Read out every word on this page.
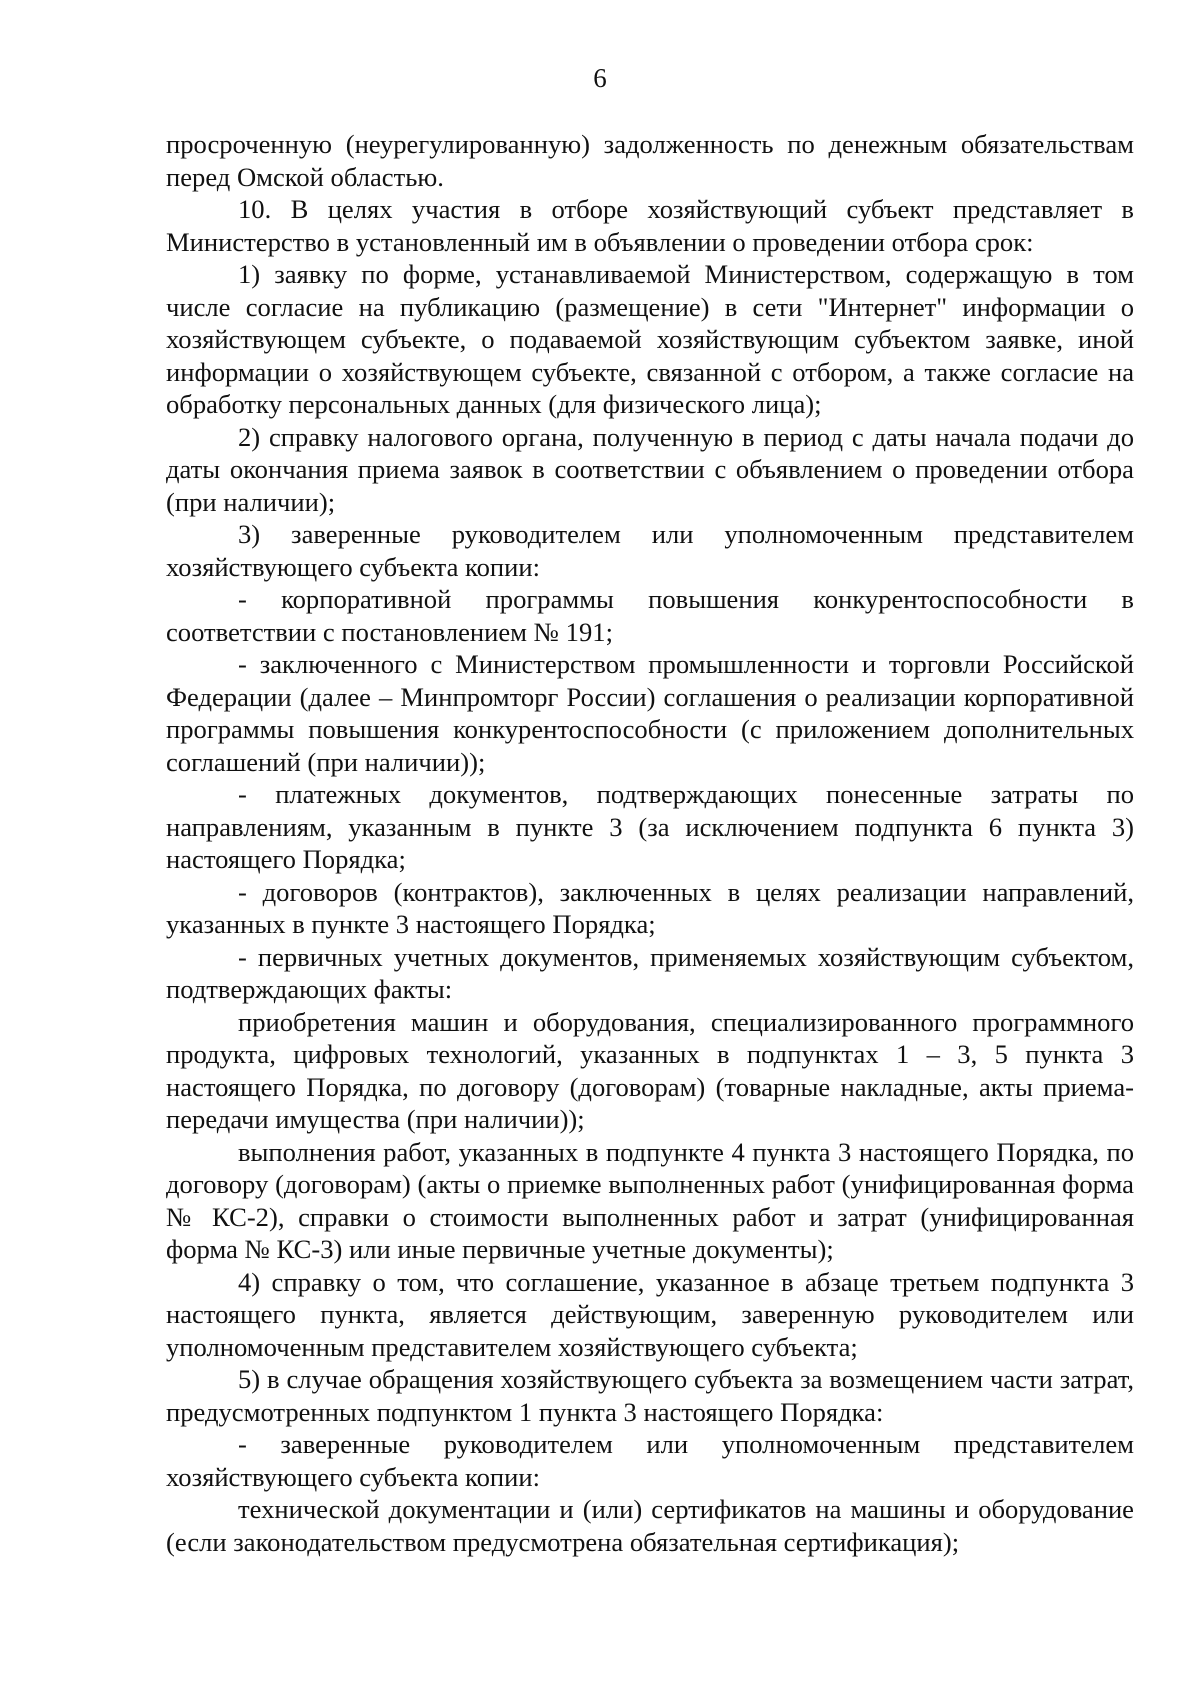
6

просроченную (неурегулированную) задолженность по денежным обязательствам перед Омской областью.

10. В целях участия в отборе хозяйствующий субъект представляет в Министерство в установленный им в объявлении о проведении отбора срок:

1) заявку по форме, устанавливаемой Министерством, содержащую в том числе согласие на публикацию (размещение) в сети "Интернет" информации о хозяйствующем субъекте, о подаваемой хозяйствующим субъектом заявке, иной информации о хозяйствующем субъекте, связанной с отбором, а также согласие на обработку персональных данных (для физического лица);

2) справку налогового органа, полученную в период с даты начала подачи до даты окончания приема заявок в соответствии с объявлением о проведении отбора (при наличии);

3) заверенные руководителем или уполномоченным представителем хозяйствующего субъекта копии:

- корпоративной программы повышения конкурентоспособности в соответствии с постановлением № 191;

- заключенного с Министерством промышленности и торговли Российской Федерации (далее – Минпромторг России) соглашения о реализации корпоративной программы повышения конкурентоспособности (с приложением дополнительных соглашений (при наличии));

- платежных документов, подтверждающих понесенные затраты по направлениям, указанным в пункте 3 (за исключением подпункта 6 пункта 3) настоящего Порядка;

- договоров (контрактов), заключенных в целях реализации направлений, указанных в пункте 3 настоящего Порядка;

- первичных учетных документов, применяемых хозяйствующим субъектом, подтверждающих факты:

приобретения машин и оборудования, специализированного программного продукта, цифровых технологий, указанных в подпунктах 1 – 3, 5 пункта 3 настоящего Порядка, по договору (договорам) (товарные накладные, акты приема-передачи имущества (при наличии));

выполнения работ, указанных в подпункте 4 пункта 3 настоящего Порядка, по договору (договорам) (акты о приемке выполненных работ (унифицированная форма № КС-2), справки о стоимости выполненных работ и затрат (унифицированная форма № КС-3) или иные первичные учетные документы);

4) справку о том, что соглашение, указанное в абзаце третьем подпункта 3 настоящего пункта, является действующим, заверенную руководителем или уполномоченным представителем хозяйствующего субъекта;

5) в случае обращения хозяйствующего субъекта за возмещением части затрат, предусмотренных подпунктом 1 пункта 3 настоящего Порядка:

- заверенные руководителем или уполномоченным представителем хозяйствующего субъекта копии:

технической документации и (или) сертификатов на машины и оборудование (если законодательством предусмотрена обязательная сертификация);
